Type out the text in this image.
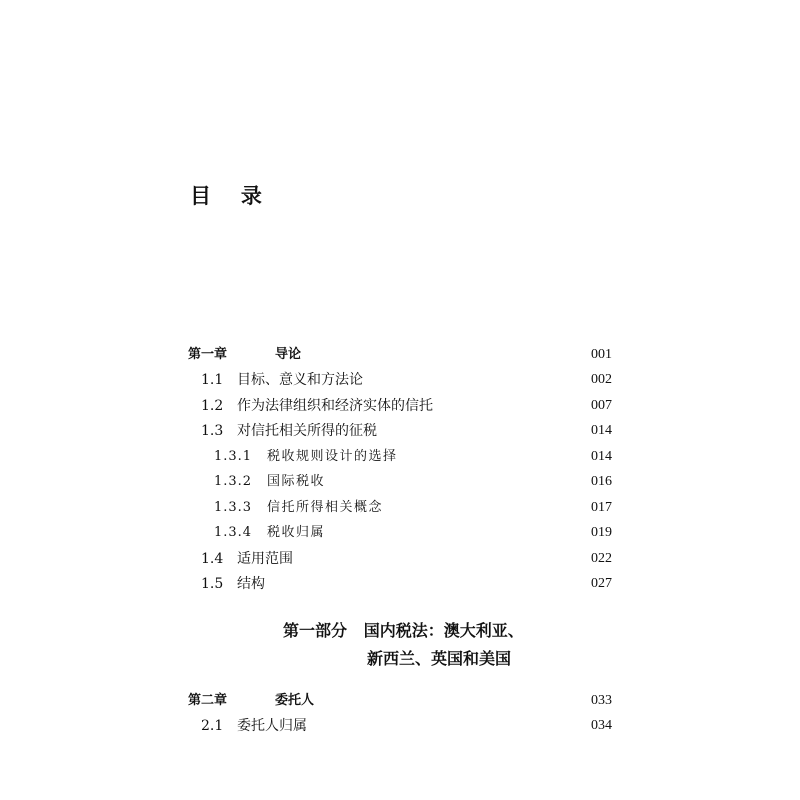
目   录
第一章	导论	001
1.1 目标、意义和方法论	002
1.2 作为法律组织和经济实体的信托	007
1.3 对信托相关所得的征税	014
1.3.1 税收规则设计的选择	014
1.3.2 国际税收	016
1.3.3 信托所得相关概念	017
1.3.4 税收归属	019
1.4 适用范围	022
1.5 结构	027
第一部分   国内税法：澳大利亚、
新西兰、英国和美国
第二章	委托人	033
2.1 委托人归属	034
